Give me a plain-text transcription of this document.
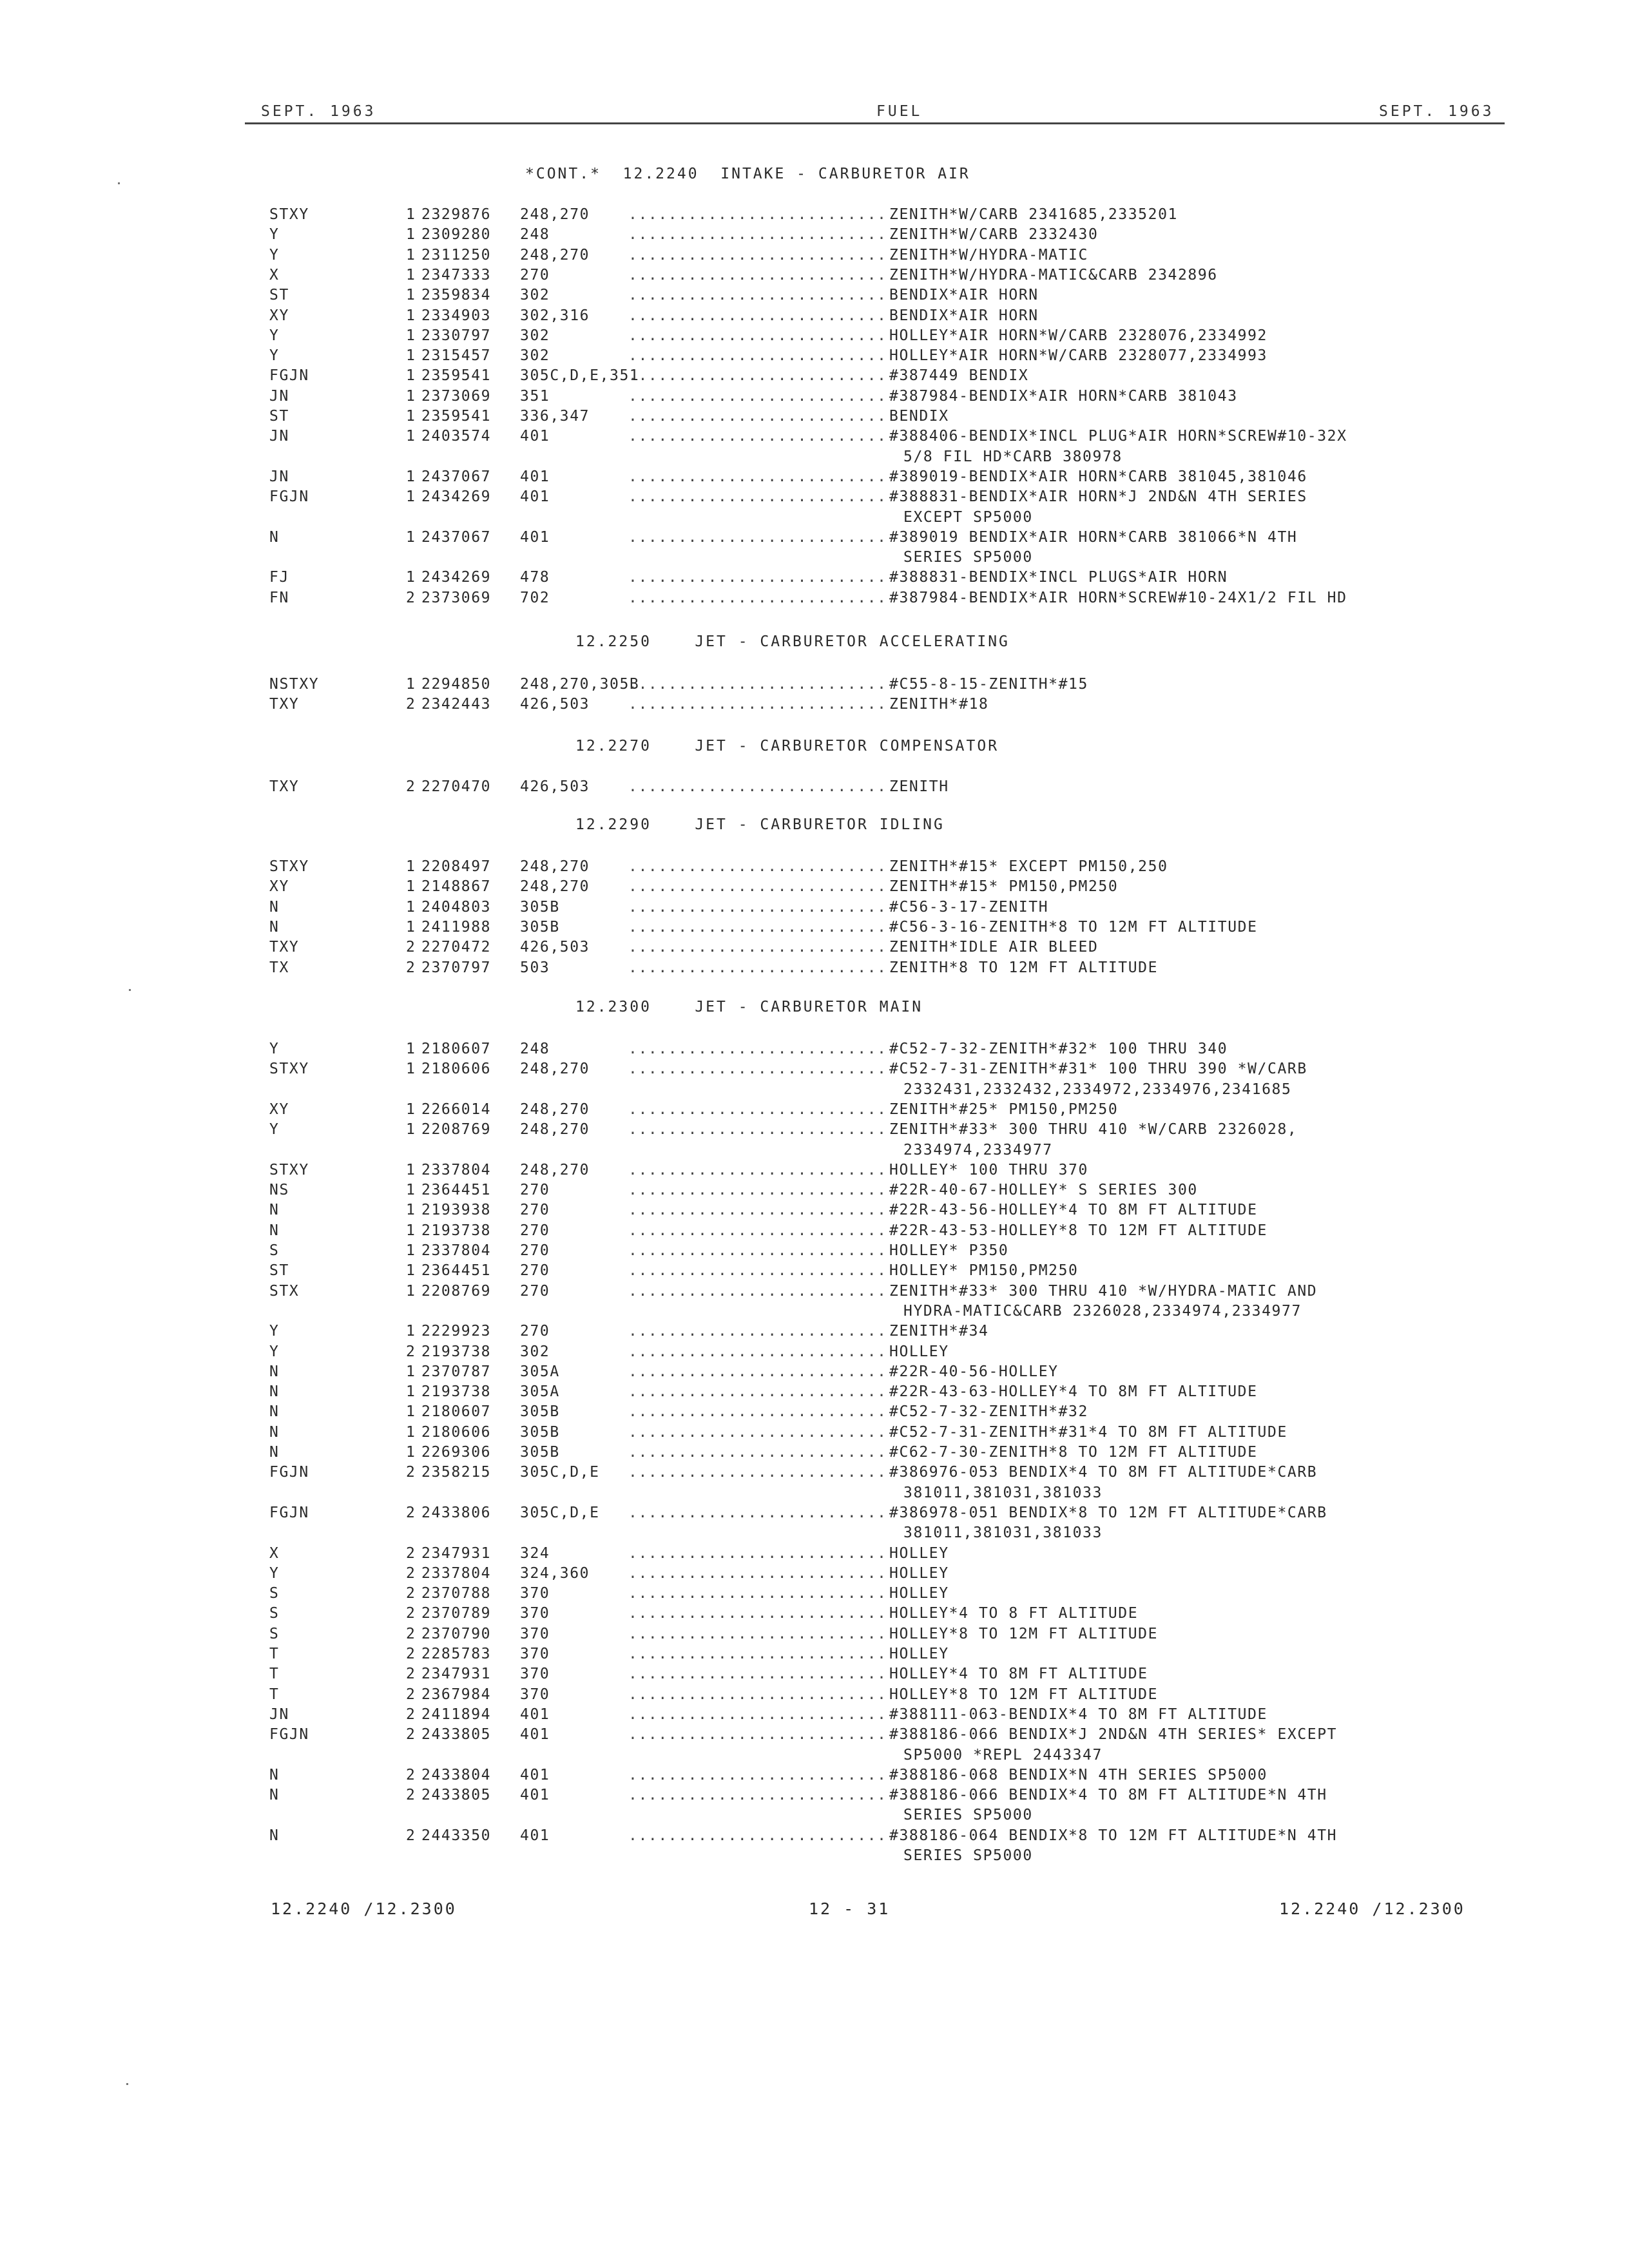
SEPT. 1963	FUEL	SEPT. 1963
*CONT.*  12.2240  INTAKE - CARBURETOR AIR
STXY	1 2329876 248,270	ZENITH*W/CARB 2341685,2335201
..........................
Y	1 2309280 248	ZENITH*W/CARB 2332430
..........................
Y	1 2311250 248,270	ZENITH*W/HYDRA-MATIC
..........................
X	1 2347333 270	ZENITH*W/HYDRA-MATIC&CARB 2342896
..........................
ST	1 2359834 302	BENDIX*AIR HORN
..........................
XY	1 2334903 302,316	BENDIX*AIR HORN
..........................
Y	1 2330797 302	HOLLEY*AIR HORN*W/CARB 2328076,2334992
..........................
Y	1 2315457 302	HOLLEY*AIR HORN*W/CARB 2328077,2334993
..........................
FGJN	1 2359541 305C,D,E,351	#387449 BENDIX
..........................
JN	1 2373069 351	#387984-BENDIX*AIR HORN*CARB 381043
..........................
ST	1 2359541 336,347	BENDIX
..........................
JN	1 2403574 401	#388406-BENDIX*INCL PLUG*AIR HORN*SCREW#10-32X
..........................
5/8 FIL HD*CARB 380978
JN	1 2437067 401	#389019-BENDIX*AIR HORN*CARB 381045,381046
..........................
FGJN	1 2434269 401	#388831-BENDIX*AIR HORN*J 2ND&N 4TH SERIES
..........................
EXCEPT SP5000
N	1 2437067 401	#389019 BENDIX*AIR HORN*CARB 381066*N 4TH
..........................
SERIES SP5000
FJ	1 2434269 478	#388831-BENDIX*INCL PLUGS*AIR HORN
..........................
FN	2 2373069 702	#387984-BENDIX*AIR HORN*SCREW#10-24X1/2 FIL HD
..........................
12.2250    JET - CARBURETOR ACCELERATING
NSTXY	1 2294850 248,270,305B	#C55-8-15-ZENITH*#15
..........................
TXY	2 2342443 426,503	ZENITH*#18
..........................
12.2270    JET - CARBURETOR COMPENSATOR
TXY	2 2270470 426,503	ZENITH
..........................
12.2290    JET - CARBURETOR IDLING
STXY	1 2208497 248,270	ZENITH*#15* EXCEPT PM150,250
..........................
XY	1 2148867 248,270	ZENITH*#15* PM150,PM250
..........................
N	1 2404803 305B	#C56-3-17-ZENITH
..........................
N	1 2411988 305B	#C56-3-16-ZENITH*8 TO 12M FT ALTITUDE
..........................
TXY	2 2270472 426,503	ZENITH*IDLE AIR BLEED
..........................
TX	2 2370797 503	ZENITH*8 TO 12M FT ALTITUDE
..........................
12.2300    JET - CARBURETOR MAIN
Y	1 2180607 248	#C52-7-32-ZENITH*#32* 100 THRU 340
..........................
STXY	1 2180606 248,270	#C52-7-31-ZENITH*#31* 100 THRU 390 *W/CARB
..........................
2332431,2332432,2334972,2334976,2341685
XY	1 2266014 248,270	ZENITH*#25* PM150,PM250
..........................
Y	1 2208769 248,270	ZENITH*#33* 300 THRU 410 *W/CARB 2326028,
..........................
2334974,2334977
STXY	1 2337804 248,270	HOLLEY* 100 THRU 370
..........................
NS	1 2364451 270	#22R-40-67-HOLLEY* S SERIES 300
..........................
N	1 2193938 270	#22R-43-56-HOLLEY*4 TO 8M FT ALTITUDE
..........................
N	1 2193738 270	#22R-43-53-HOLLEY*8 TO 12M FT ALTITUDE
..........................
S	1 2337804 270	HOLLEY* P350
..........................
ST	1 2364451 270	HOLLEY* PM150,PM250
..........................
STX	1 2208769 270	ZENITH*#33* 300 THRU 410 *W/HYDRA-MATIC AND
..........................
HYDRA-MATIC&CARB 2326028,2334974,2334977
Y	1 2229923 270	ZENITH*#34
..........................
Y	2 2193738 302	HOLLEY
..........................
N	1 2370787 305A	#22R-40-56-HOLLEY
..........................
N	1 2193738 305A	#22R-43-63-HOLLEY*4 TO 8M FT ALTITUDE
..........................
N	1 2180607 305B	#C52-7-32-ZENITH*#32
..........................
N	1 2180606 305B	#C52-7-31-ZENITH*#31*4 TO 8M FT ALTITUDE
..........................
N	1 2269306 305B	#C62-7-30-ZENITH*8 TO 12M FT ALTITUDE
..........................
FGJN	2 2358215 305C,D,E	#386976-053 BENDIX*4 TO 8M FT ALTITUDE*CARB
..........................
381011,381031,381033
FGJN	2 2433806 305C,D,E	#386978-051 BENDIX*8 TO 12M FT ALTITUDE*CARB
..........................
381011,381031,381033
X	2 2347931 324	HOLLEY
..........................
Y	2 2337804 324,360	HOLLEY
..........................
S	2 2370788 370	HOLLEY
..........................
S	2 2370789 370	HOLLEY*4 TO 8 FT ALTITUDE
..........................
S	2 2370790 370	HOLLEY*8 TO 12M FT ALTITUDE
..........................
T	2 2285783 370	HOLLEY
..........................
T	2 2347931 370	HOLLEY*4 TO 8M FT ALTITUDE
..........................
T	2 2367984 370	HOLLEY*8 TO 12M FT ALTITUDE
..........................
JN	2 2411894 401	#388111-063-BENDIX*4 TO 8M FT ALTITUDE
..........................
FGJN	2 2433805 401	#388186-066 BENDIX*J 2ND&N 4TH SERIES* EXCEPT
..........................
SP5000 *REPL 2443347
N	2 2433804 401	#388186-068 BENDIX*N 4TH SERIES SP5000
..........................
N	2 2433805 401	#388186-066 BENDIX*4 TO 8M FT ALTITUDE*N 4TH
..........................
SERIES SP5000
N	2 2443350 401	#388186-064 BENDIX*8 TO 12M FT ALTITUDE*N 4TH
..........................
SERIES SP5000
12.2240 /12.2300	12 - 31	12.2240 /12.2300
